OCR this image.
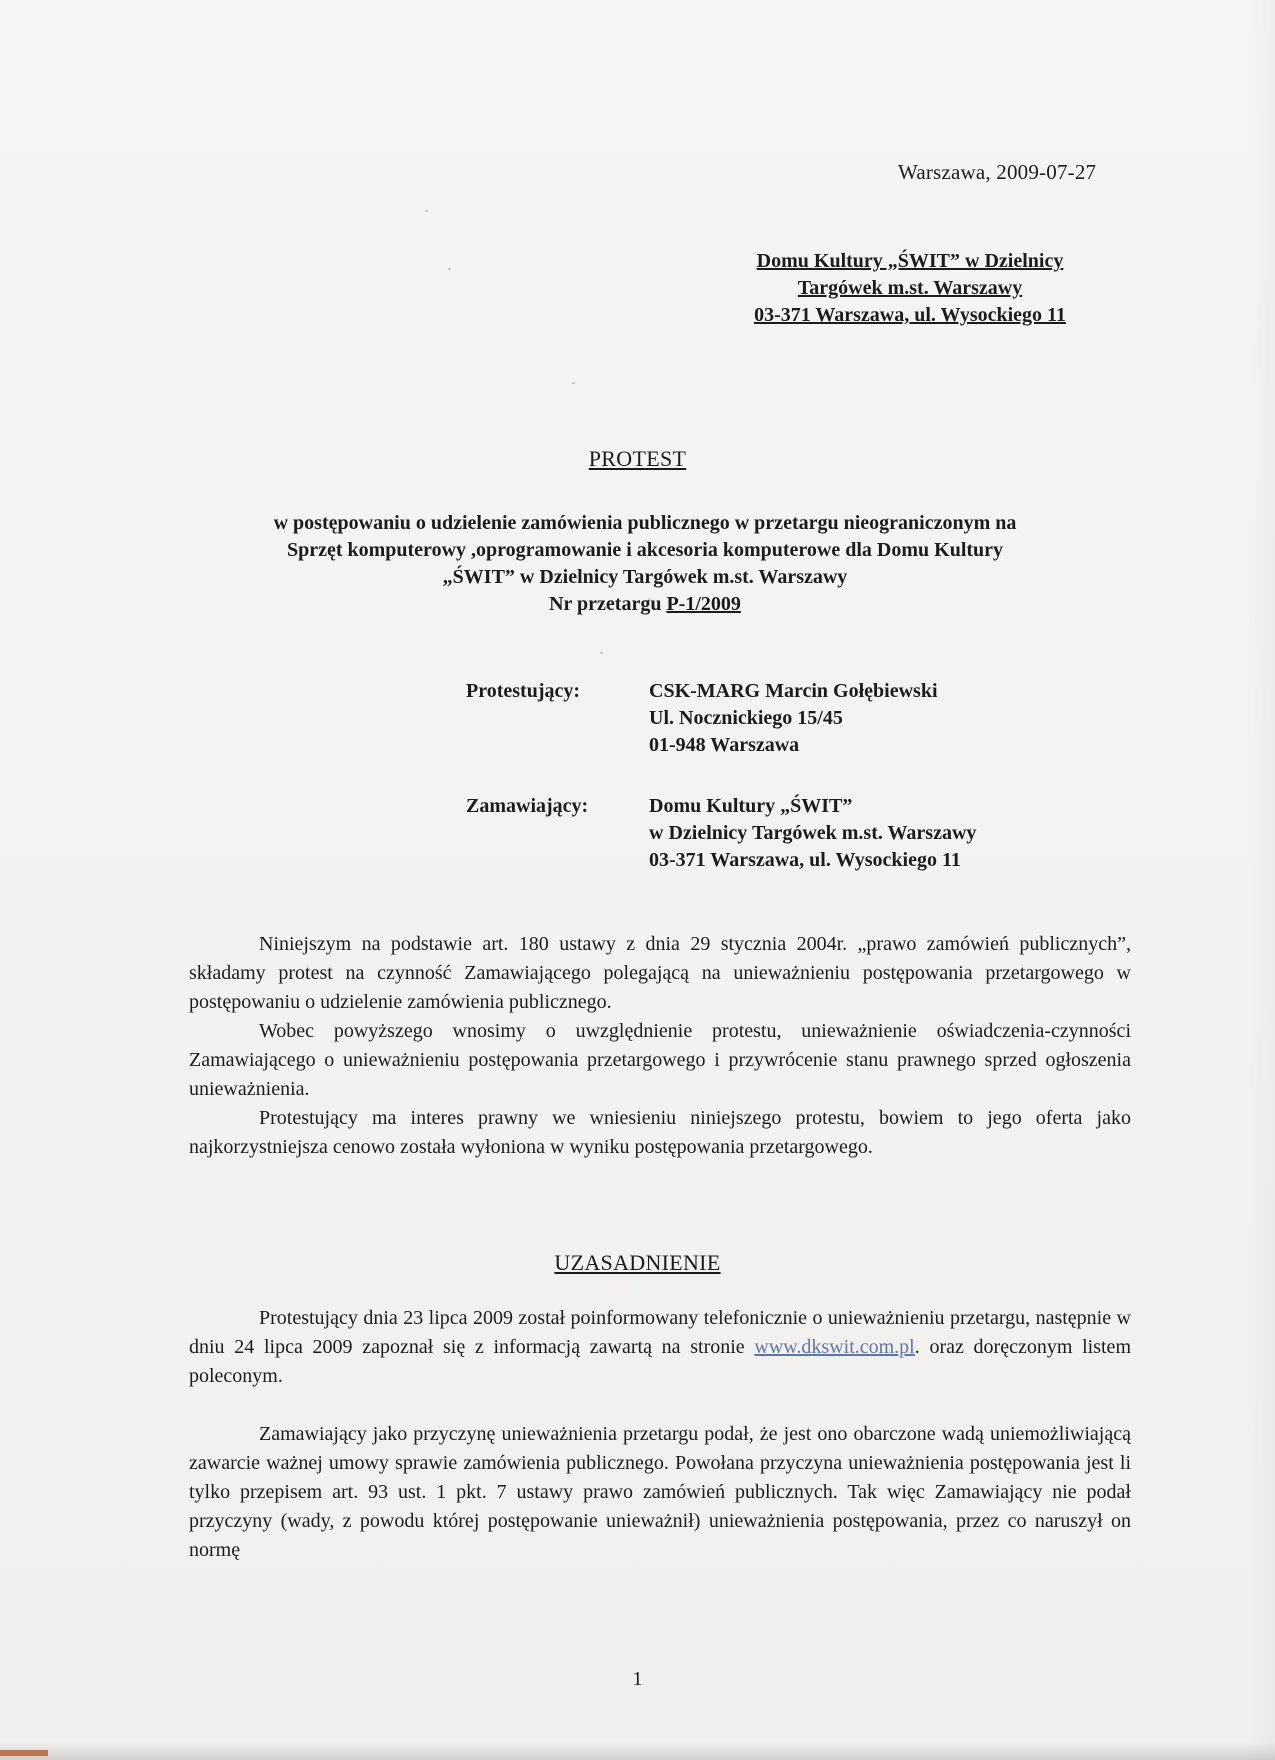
Warszawa, 2009-07-27
Domu Kultury „ŚWIT” w Dzielnicy
Targówek m.st. Warszawy
03-371 Warszawa, ul. Wysockiego 11
PROTEST
w postępowaniu o udzielenie zamówienia publicznego w przetargu nieograniczonym na
Sprzęt komputerowy ,oprogramowanie i akcesoria komputerowe dla Domu Kultury
„ŚWIT” w Dzielnicy Targówek m.st. Warszawy
Nr przetargu P-1/2009
Protestujący:	CSK-MARG Marcin Gołębiewski
Ul. Nocznickiego 15/45
01-948 Warszawa
Zamawiający:	Domu Kultury „ŚWIT”
w Dzielnicy Targówek m.st. Warszawy
03-371 Warszawa, ul. Wysockiego 11

Niniejszym na podstawie art. 180 ustawy z dnia 29 stycznia 2004r. „prawo zamówień publicznych”, składamy protest na czynność Zamawiającego polegającą na unieważnieniu postępowania przetargowego w postępowaniu o udzielenie zamówienia publicznego.

Wobec powyższego wnosimy o uwzględnienie protestu, unieważnienie oświadczenia-czynności Zamawiającego o unieważnieniu postępowania przetargowego i przywrócenie stanu prawnego sprzed ogłoszenia unieważnienia.

Protestujący ma interes prawny we wniesieniu niniejszego protestu, bowiem to jego oferta jako najkorzystniejsza cenowo została wyłoniona w wyniku postępowania przetargowego.

UZASADNIENIE

Protestujący dnia 23 lipca 2009 został poinformowany telefonicznie o unieważnieniu przetargu, następnie w dniu 24 lipca 2009 zapoznał się z informacją zawartą na stronie www.dkswit.com.pl. oraz doręczonym listem poleconym.

Zamawiający jako przyczynę unieważnienia przetargu podał, że jest ono obarczone wadą uniemożliwiającą zawarcie ważnej umowy sprawie zamówienia publicznego. Powołana przyczyna unieważnienia postępowania jest li tylko przepisem art. 93 ust. 1 pkt. 7 ustawy prawo zamówień publicznych. Tak więc Zamawiający nie podał przyczyny (wady, z powodu której postępowanie unieważnił) unieważnienia postępowania, przez co naruszył on normę

1
